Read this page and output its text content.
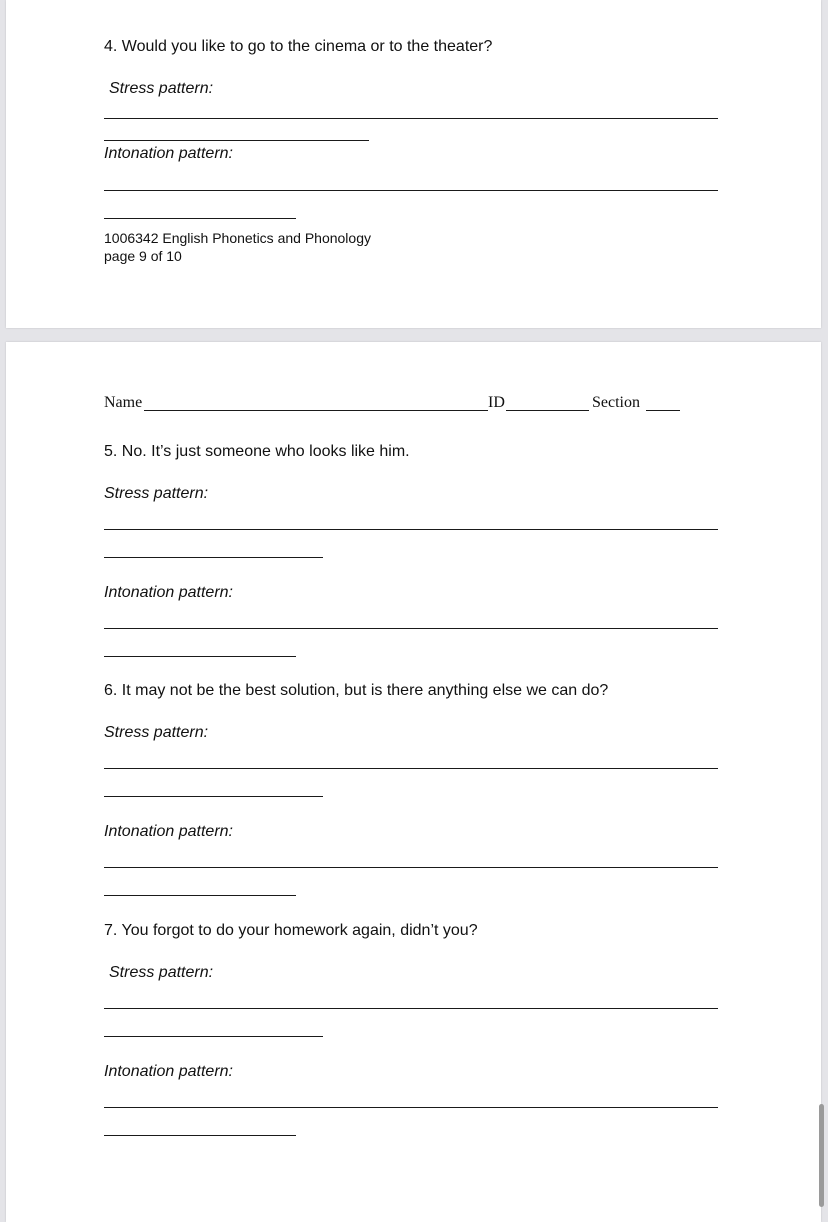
4. Would you like to go to the cinema or to the theater?
Stress pattern:
Intonation pattern:
1006342 English Phonetics and Phonology
page 9 of 10
Name	ID	Section
5. No. It’s just someone who looks like him.
Stress pattern:
Intonation pattern:
6. It may not be the best solution, but is there anything else we can do?
Stress pattern:
Intonation pattern:
7. You forgot to do your homework again, didn’t you?
Stress pattern:
Intonation pattern:
